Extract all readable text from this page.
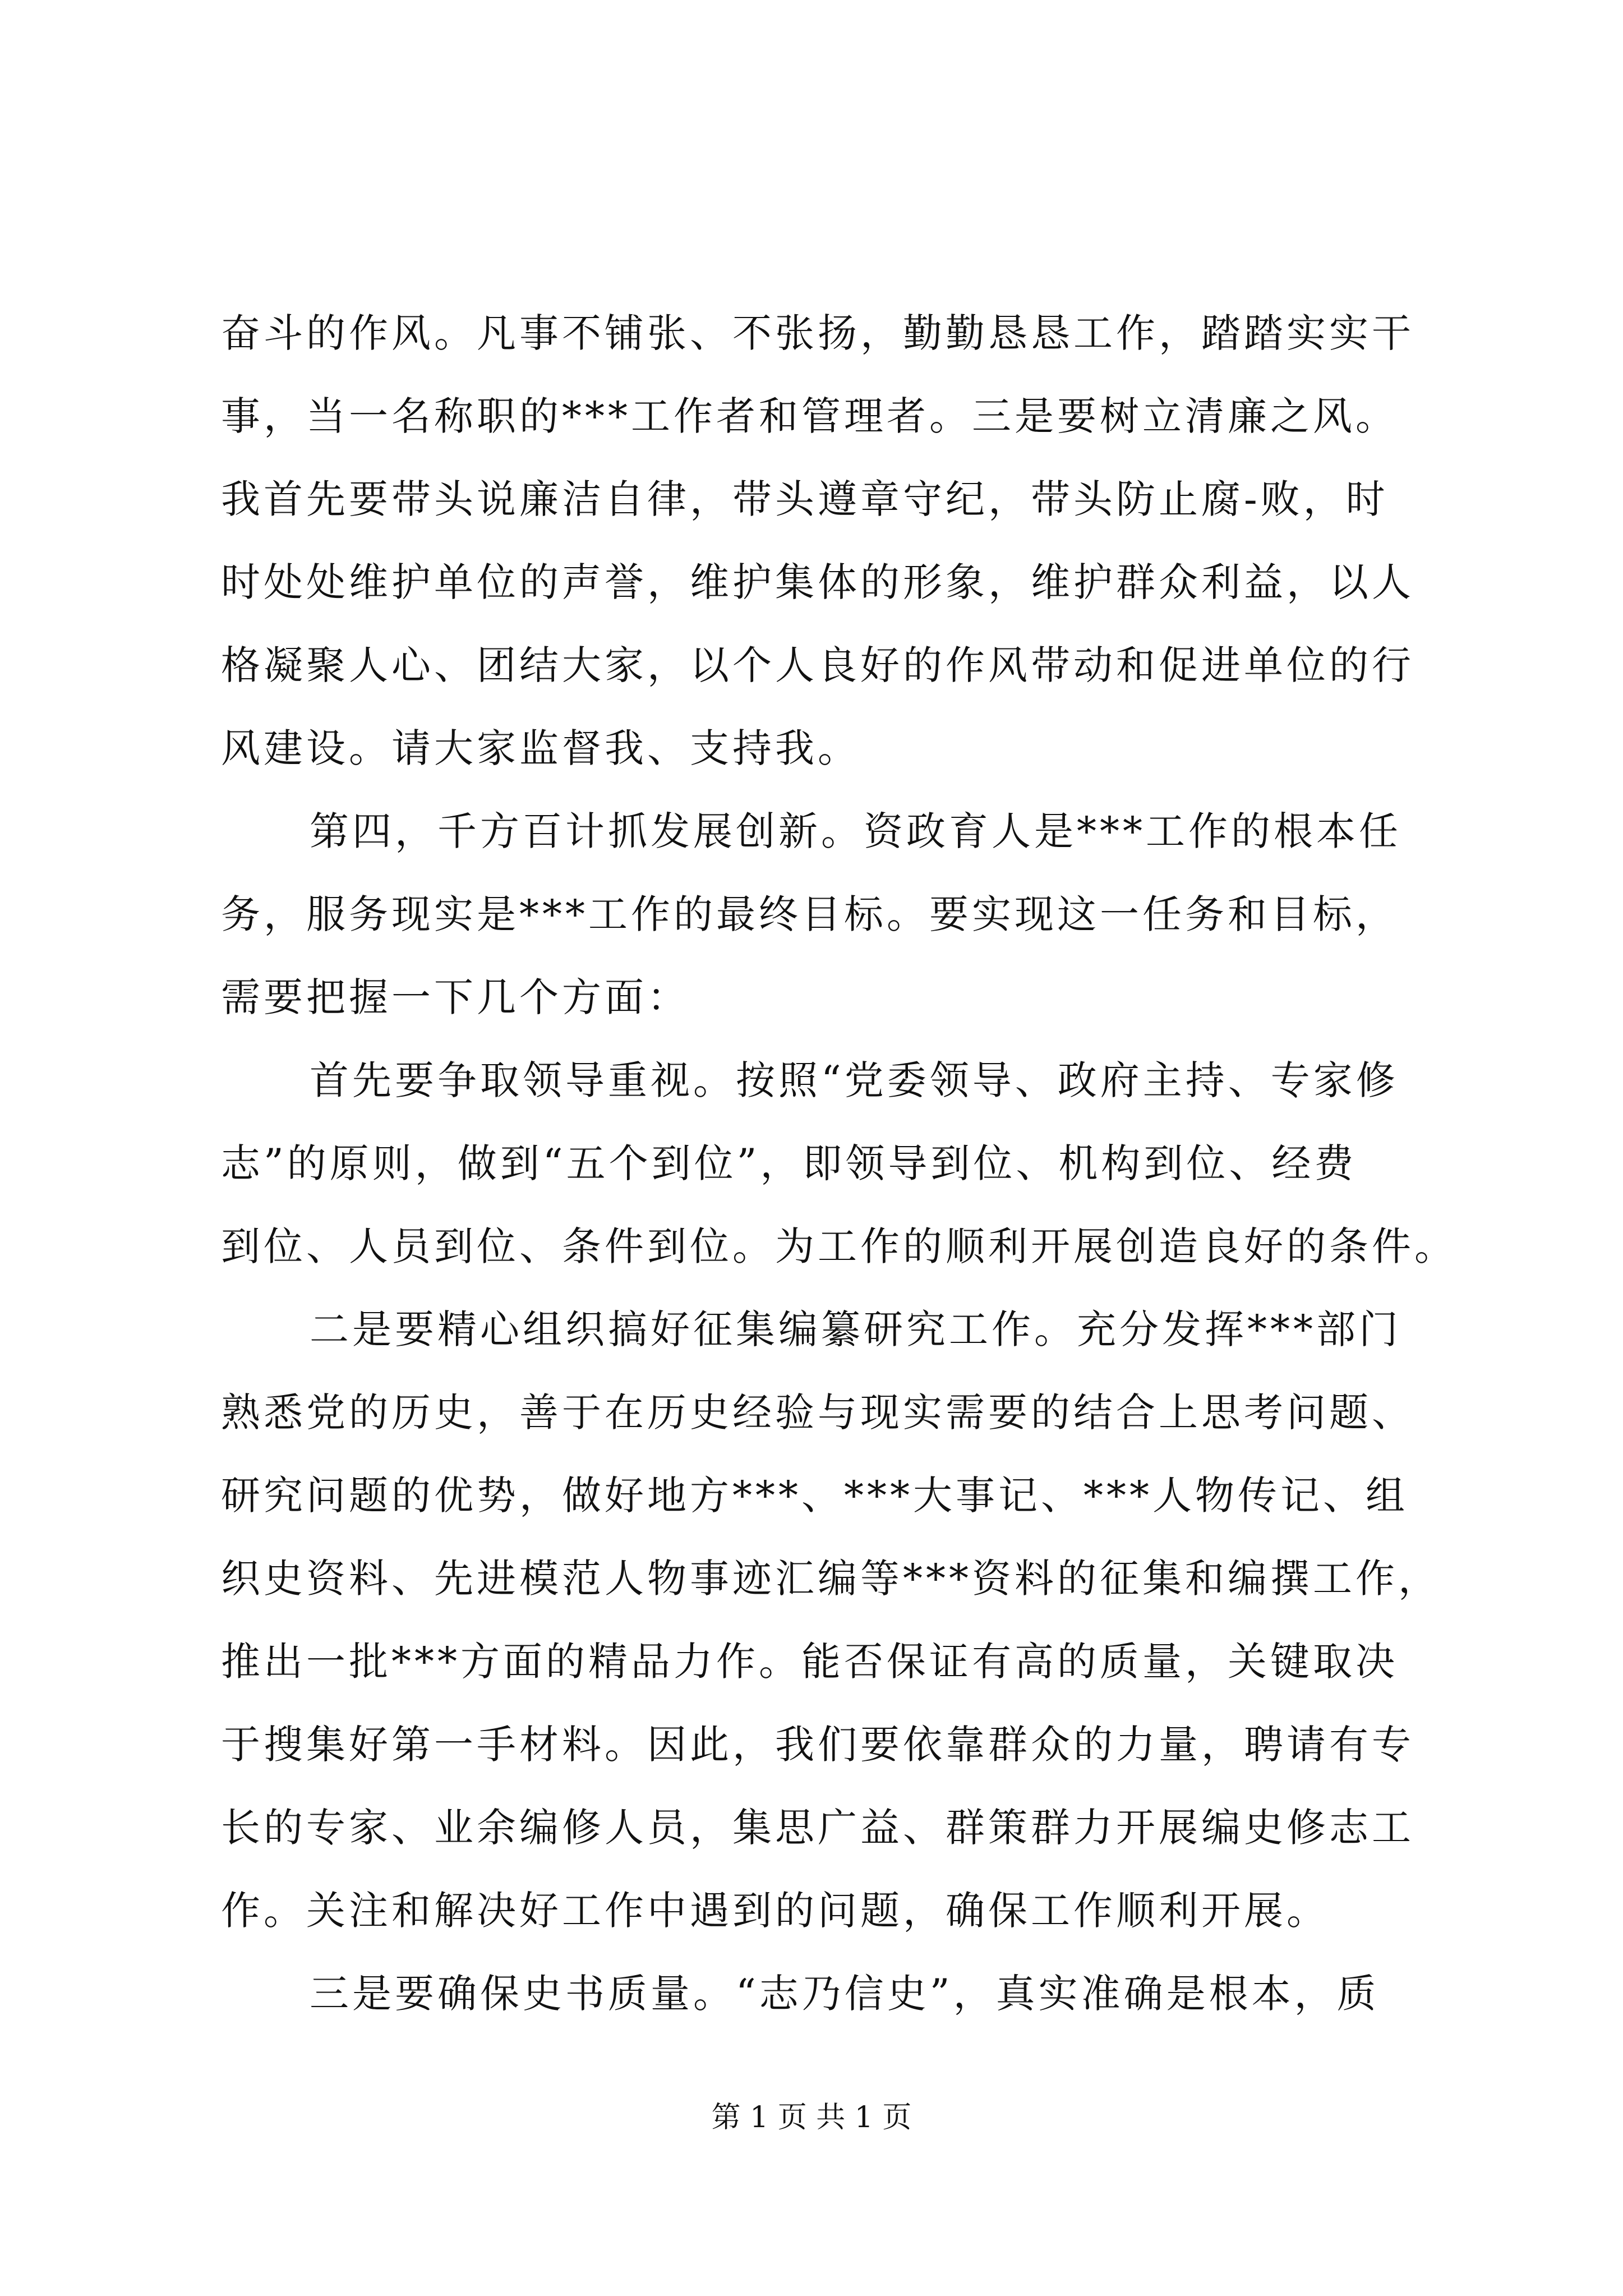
奋斗的作风。凡事不铺张、不张扬，勤勤恳恳工作，踏踏实实干
事，当一名称职的***工作者和管理者。三是要树立清廉之风。
我首先要带头说廉洁自律，带头遵章守纪，带头防止腐-败，时
时处处维护单位的声誉，维护集体的形象，维护群众利益，以人
格凝聚人心、团结大家，以个人良好的作风带动和促进单位的行
风建设。请大家监督我、支持我。
第四，千方百计抓发展创新。资政育人是***工作的根本任
务，服务现实是***工作的最终目标。要实现这一任务和目标，
需要把握一下几个方面：
首先要争取领导重视。按照“党委领导、政府主持、专家修
志”的原则，做到“五个到位”，即领导到位、机构到位、经费
到位、人员到位、条件到位。为工作的顺利开展创造良好的条件。
二是要精心组织搞好征集编纂研究工作。充分发挥***部门
熟悉党的历史，善于在历史经验与现实需要的结合上思考问题、
研究问题的优势，做好地方***、***大事记、***人物传记、组
织史资料、先进模范人物事迹汇编等***资料的征集和编撰工作，
推出一批***方面的精品力作。能否保证有高的质量，关键取决
于搜集好第一手材料。因此，我们要依靠群众的力量，聘请有专
长的专家、业余编修人员，集思广益、群策群力开展编史修志工
作。关注和解决好工作中遇到的问题，确保工作顺利开展。
三是要确保史书质量。“志乃信史”，真实准确是根本，质
第 1 页 共 1 页
